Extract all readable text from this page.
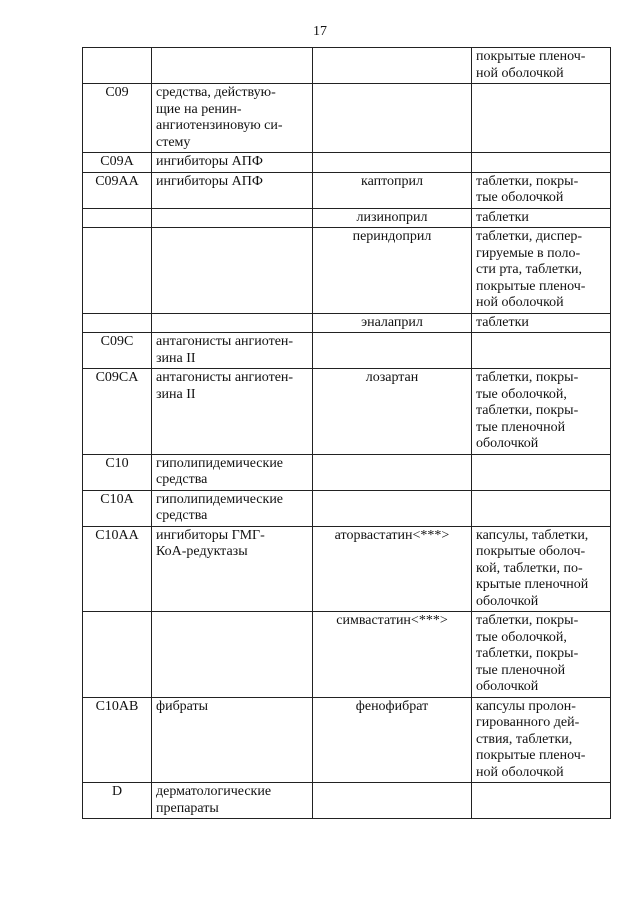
17
			покрытые пленоч-
ной оболочкой
C09	средства, действую-
щие на ренин-
ангиотензиновую си-
стему		
C09A	ингибиторы АПФ		
C09AA	ингибиторы АПФ	каптоприл	таблетки, покры-
тые оболочкой
		лизиноприл	таблетки
		периндоприл	таблетки, диспер-
гируемые в поло-
сти рта, таблетки,
покрытые пленоч-
ной оболочкой
		эналаприл	таблетки
C09C	антагонисты ангиотен-
зина II		
C09CA	антагонисты ангиотен-
зина II	лозартан	таблетки, покры-
тые оболочкой,
таблетки, покры-
тые пленочной
оболочкой
C10	гиполипидемические
средства		
C10A	гиполипидемические
средства		
C10AA	ингибиторы ГМГ-
КоА-редуктазы	аторвастатин<***>	капсулы, таблетки,
покрытые оболоч-
кой, таблетки, по-
крытые пленочной
оболочкой
		симвастатин<***>	таблетки, покры-
тые оболочкой,
таблетки, покры-
тые пленочной
оболочкой
C10AB	фибраты	фенофибрат	капсулы пролон-
гированного дей-
ствия, таблетки,
покрытые пленоч-
ной оболочкой
D	дерматологические
препараты		
